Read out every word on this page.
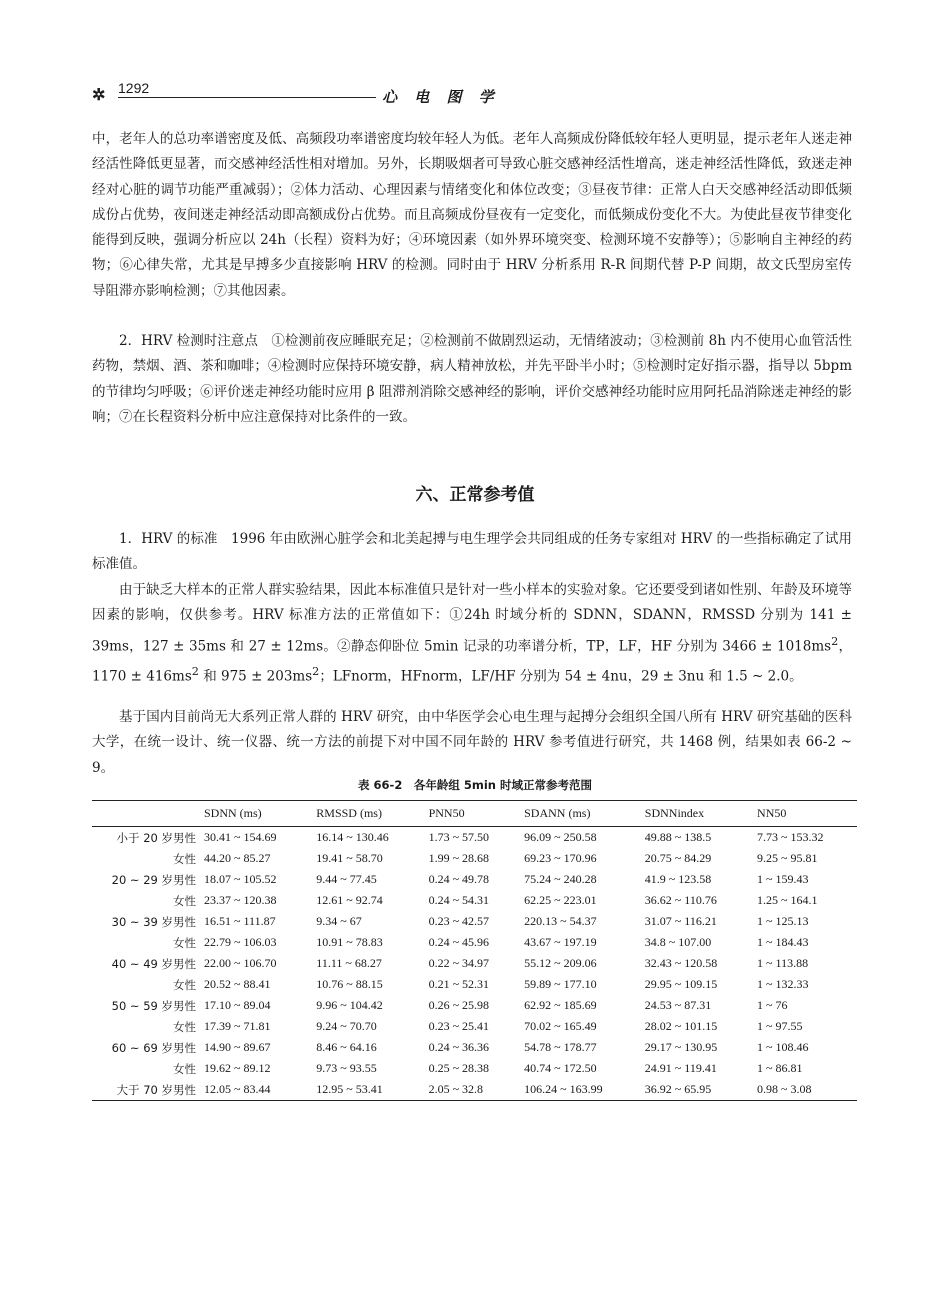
✲ 1292	心 电 图 学

中，老年人的总功率谱密度及低、高频段功率谱密度均较年轻人为低。老年人高频成份降低较年轻人更明显，提示老年人迷走神经活性降低更显著，而交感神经活性相对增加。另外，长期吸烟者可导致心脏交感神经活性增高，迷走神经活性降低，致迷走神经对心脏的调节功能严重减弱）；②体力活动、心理因素与情绪变化和体位改变；③昼夜节律：正常人白天交感神经活动即低频成份占优势，夜间迷走神经活动即高额成份占优势。而且高频成份昼夜有一定变化，而低频成份变化不大。为使此昼夜节律变化能得到反映，强调分析应以 24h（长程）资料为好；④环境因素（如外界环境突变、检测环境不安静等）；⑤影响自主神经的药物；⑥心律失常，尤其是早搏多少直接影响 HRV 的检测。同时由于 HRV 分析系用 R-R 间期代替 P-P 间期，故文氏型房室传导阻滞亦影响检测；⑦其他因素。

2．HRV 检测时注意点　①检测前夜应睡眠充足；②检测前不做剧烈运动，无情绪波动；③检测前 8h 内不使用心血管活性药物，禁烟、酒、茶和咖啡；④检测时应保持环境安静，病人精神放松，并先平卧半小时；⑤检测时定好指示器，指导以 5bpm 的节律均匀呼吸；⑥评价迷走神经功能时应用 β 阻滞剂消除交感神经的影响，评价交感神经功能时应用阿托品消除迷走神经的影响；⑦在长程资料分析中应注意保持对比条件的一致。

六、正常参考值

1．HRV 的标准　1996 年由欧洲心脏学会和北美起搏与电生理学会共同组成的任务专家组对 HRV 的一些指标确定了试用标准值。

由于缺乏大样本的正常人群实验结果，因此本标准值只是针对一些小样本的实验对象。它还要受到诸如性别、年龄及环境等因素的影响，仅供参考。HRV 标准方法的正常值如下：①24h 时域分析的 SDNN，SDANN，RMSSD 分别为 141 ± 39ms，127 ± 35ms 和 27 ± 12ms。②静态仰卧位 5min 记录的功率谱分析，TP，LF，HF 分别为 $3466 \pm 1018ms^2$，$1170 \pm 416ms^2$ 和 $975 \pm 203ms^2$；LFnorm，HFnorm，LF/HF 分别为 54 ± 4nu，29 ± 3nu 和 1.5 ~ 2.0。

基于国内目前尚无大系列正常人群的 HRV 研究，由中华医学会心电生理与起搏分会组织全国八所有 HRV 研究基础的医科大学，在统一设计、统一仪器、统一方法的前提下对中国不同年龄的 HRV 参考值进行研究，共 1468 例，结果如表 66-2 ~ 9。

表 66-2　各年龄组 5min 时域正常参考范围
	SDNN (ms)	RMSSD (ms)	PNN50	SDANN (ms)	SDNNindex	NN50
小于 20 岁男性	30.41 ~ 154.69	16.14 ~ 130.46	1.73 ~ 57.50	96.09 ~ 250.58	49.88 ~ 138.5	7.73 ~ 153.32
女性	44.20 ~ 85.27	19.41 ~ 58.70	1.99 ~ 28.68	69.23 ~ 170.96	20.75 ~ 84.29	9.25 ~ 95.81
20 ~ 29 岁男性	18.07 ~ 105.52	9.44 ~ 77.45	0.24 ~ 49.78	75.24 ~ 240.28	41.9 ~ 123.58	1 ~ 159.43
女性	23.37 ~ 120.38	12.61 ~ 92.74	0.24 ~ 54.31	62.25 ~ 223.01	36.62 ~ 110.76	1.25 ~ 164.1
30 ~ 39 岁男性	16.51 ~ 111.87	9.34 ~ 67	0.23 ~ 42.57	220.13 ~ 54.37	31.07 ~ 116.21	1 ~ 125.13
女性	22.79 ~ 106.03	10.91 ~ 78.83	0.24 ~ 45.96	43.67 ~ 197.19	34.8 ~ 107.00	1 ~ 184.43
40 ~ 49 岁男性	22.00 ~ 106.70	11.11 ~ 68.27	0.22 ~ 34.97	55.12 ~ 209.06	32.43 ~ 120.58	1 ~ 113.88
女性	20.52 ~ 88.41	10.76 ~ 88.15	0.21 ~ 52.31	59.89 ~ 177.10	29.95 ~ 109.15	1 ~ 132.33
50 ~ 59 岁男性	17.10 ~ 89.04	9.96 ~ 104.42	0.26 ~ 25.98	62.92 ~ 185.69	24.53 ~ 87.31	1 ~ 76
女性	17.39 ~ 71.81	9.24 ~ 70.70	0.23 ~ 25.41	70.02 ~ 165.49	28.02 ~ 101.15	1 ~ 97.55
60 ~ 69 岁男性	14.90 ~ 89.67	8.46 ~ 64.16	0.24 ~ 36.36	54.78 ~ 178.77	29.17 ~ 130.95	1 ~ 108.46
女性	19.62 ~ 89.12	9.73 ~ 93.55	0.25 ~ 28.38	40.74 ~ 172.50	24.91 ~ 119.41	1 ~ 86.81
大于 70 岁男性	12.05 ~ 83.44	12.95 ~ 53.41	2.05 ~ 32.8	106.24 ~ 163.99	36.92 ~ 65.95	0.98 ~ 3.08
